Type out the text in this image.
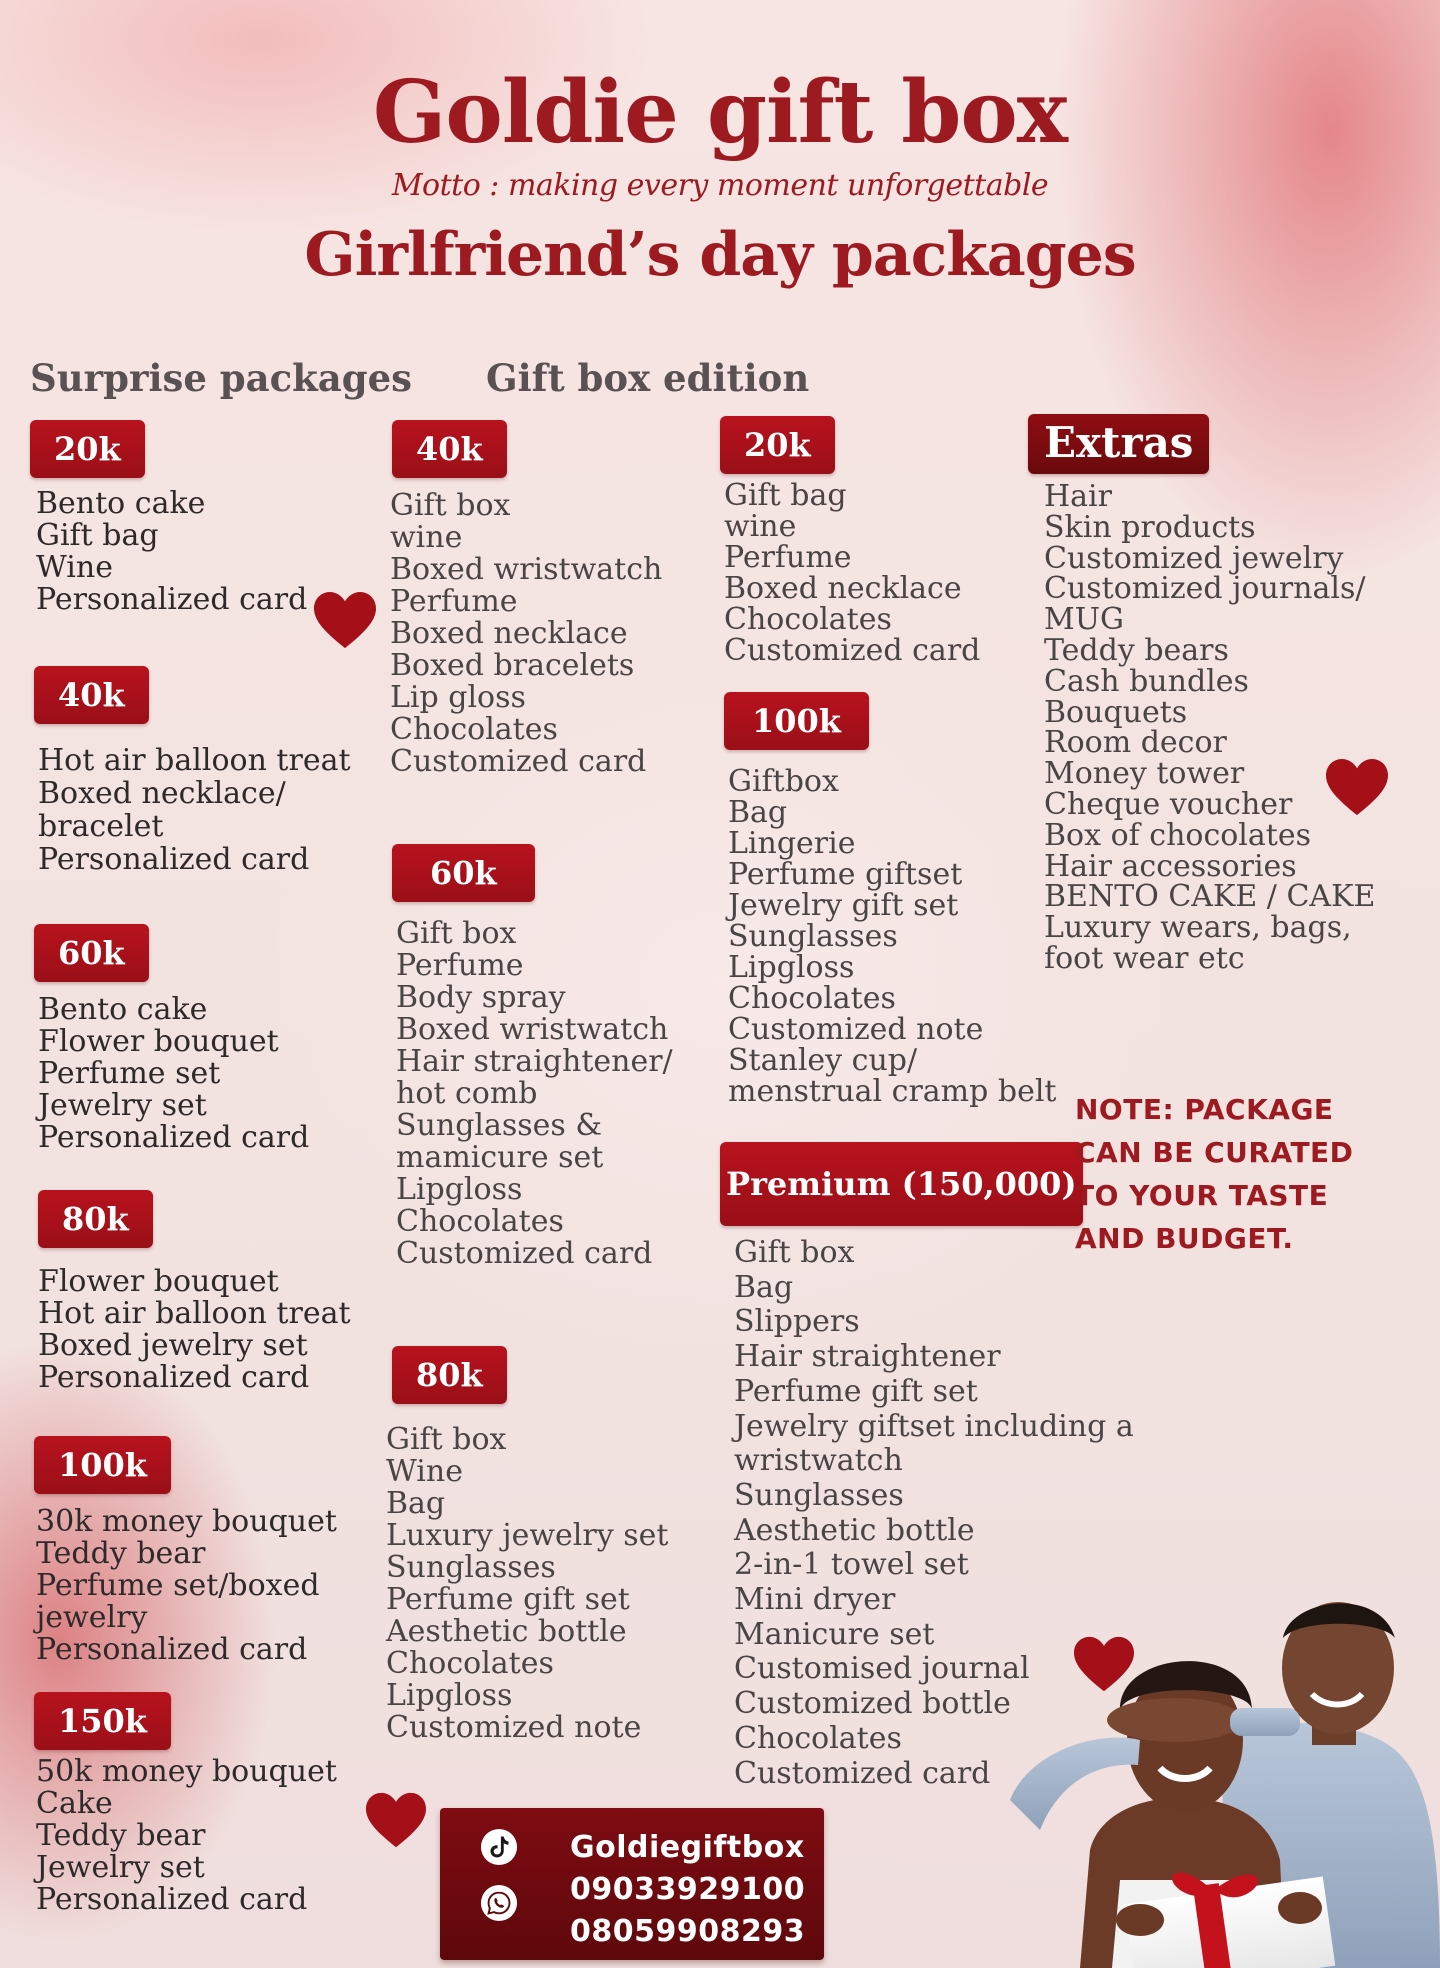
Goldie gift box
Motto : making every moment unforgettable
Girlfriend’s day packages
Surprise packages Gift box edition
20k
Bento cake
Gift bag
Wine
Personalized card
40k
Hot air balloon treat
Boxed necklace/
bracelet
Personalized card
60k
Bento cake
Flower bouquet
Perfume set
Jewelry set
Personalized card
80k
Flower bouquet
Hot air balloon treat
Boxed jewelry set
Personalized card
100k
30k money bouquet
Teddy bear
Perfume set/boxed
jewelry
Personalized card
150k
50k money bouquet
Cake
Teddy bear
Jewelry set
Personalized card
40k
Gift box
wine
Boxed wristwatch
Perfume
Boxed necklace
Boxed bracelets
Lip gloss
Chocolates
Customized card
60k
Gift box
Perfume
Body spray
Boxed wristwatch
Hair straightener/
hot comb
Sunglasses &
mamicure set
Lipgloss
Chocolates
Customized card
80k
Gift box
Wine
Bag
Luxury jewelry set
Sunglasses
Perfume gift set
Aesthetic bottle
Chocolates
Lipgloss
Customized note
20k
Gift bag
wine
Perfume
Boxed necklace
Chocolates
Customized card
100k
Giftbox
Bag
Lingerie
Perfume giftset
Jewelry gift set
Sunglasses
Lipgloss
Chocolates
Customized note
Stanley cup/
menstrual cramp belt
Premium (150,000)
Gift box
Bag
Slippers
Hair straightener
Perfume gift set
Jewelry giftset including a
wristwatch
Sunglasses
Aesthetic bottle
2-in-1 towel set
Mini dryer
Manicure set
Customised journal
Customized bottle
Chocolates
Customized card
Extras
Hair
Skin products
Customized jewelry
Customized journals/
MUG
Teddy bears
Cash bundles
Bouquets
Room decor
Money tower
Cheque voucher
Box of chocolates
Hair accessories
BENTO CAKE / CAKE
Luxury wears, bags,
foot wear etc
NOTE: PACKAGE CAN BE CURATED TO YOUR TASTE AND BUDGET.
Goldiegiftbox
09033929100
08059908293
